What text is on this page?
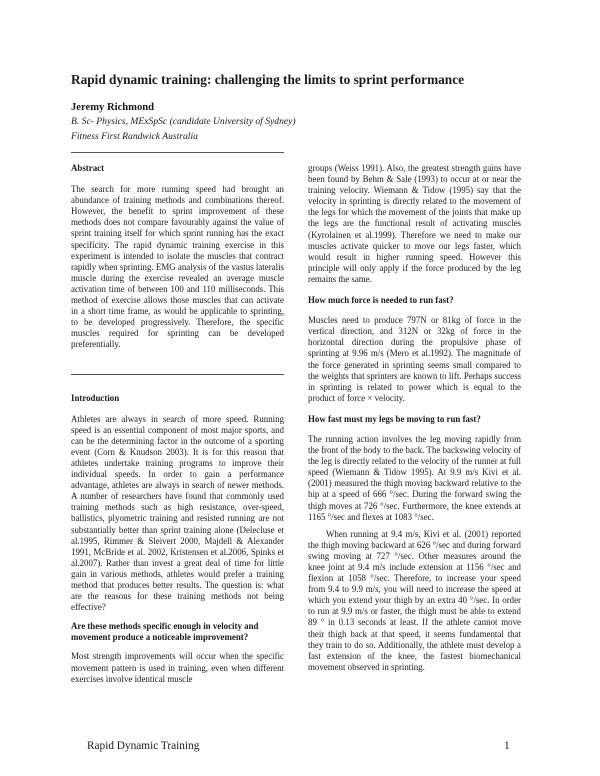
Rapid dynamic training: challenging the limits to sprint performance
Jeremy Richmond
B. Sc- Physics, MExSpSc (candidate University of Sydney)
Fitness First Randwick Australia
Abstract

The search for more running speed had brought an abundance of training methods and combinations thereof. However, the benefit to sprint improvement of these methods does not compare favourably against the value of sprint training itself for which sprint running has the exact specificity. The rapid dynamic training exercise in this experiment is intended to isolate the muscles that contract rapidly when sprinting. EMG analysis of the vastus lateralis muscle during the exercise revealed an average muscle activation time of between 100 and 110 milliseconds. This method of exercise allows those muscles that can activate in a short time frame, as would be applicable to sprinting, to be developed progressively. Therefore, the specific muscles required for sprinting can be developed preferentially.

Introduction

Athletes are always in search of more speed. Running speed is an essential component of most major sports, and can be the determining factor in the outcome of a sporting event (Corn & Knudson 2003). It is for this reason that athletes undertake training programs to improve their individual speeds. In order to gain a performance advantage, athletes are always in search of newer methods. A number of researchers have found that commonly used training methods such as high resistance, over-speed, ballistics, plyometric training and resisted running are not substantially better than sprint training alone (Delecluse et al.1995, Rimmer & Sleivert 2000, Majdell & Alexander 1991, McBride et al. 2002, Kristensen et al.2006, Spinks et al.2007). Rather than invest a great deal of time for little gain in various methods, athletes would prefer a training method that produces better results. The question is: what are the reasons for these training methods not being effective?

Are these methods specific enough in velocity and movement produce a noticeable improvement?

Most strength improvements will occur when the specific movement pattern is used in training, even when different exercises involve identical muscle

groups (Weiss 1991). Also, the greatest strength gains have been found by Behm & Sale (1993) to occur at or near the training velocity. Wiemann & Tidow (1995) say that the velocity in sprinting is directly related to the movement of the legs for which the movement of the joints that make up the legs are the functional result of activating muscles (Kyrolainen et al.1999). Therefore we need to make our muscles activate quicker to move our legs faster, which would result in higher running speed. However this principle will only apply if the force produced by the leg remains the same.

How much force is needed to run fast?

Muscles need to produce 797N or 81kg of force in the vertical direction, and 312N or 32kg of force in the horizontal direction during the propulsive phase of sprinting at 9.96 m/s (Mero et al.1992). The magnitude of the force generated in sprinting seems small compared to the weights that sprinters are known to lift. Perhaps success in sprinting is related to power which is equal to the product of force × velocity.

How fast must my legs be moving to run fast?

The running action involves the leg moving rapidly from the front of the body to the back. The backswing velocity of the leg is directly related to the velocity of the runner at full speed (Wiemann & Tidow 1995). At 9.9 m/s Kivi et al. (2001) measured the thigh moving backward relative to the hip at a speed of 666 °/sec. During the forward swing the thigh moves at 726 °/sec. Furthermore, the knee extends at 1165 °/sec and flexes at 1083 °/sec.

When running at 9.4 m/s, Kivi et al. (2001) reported the thigh moving backward at 626 °/sec and during forward swing moving at 727 °/sec. Other measures around the knee joint at 9.4 m/s include extension at 1156 °/sec and flexion at 1058 °/sec. Therefore, to increase your speed from 9.4 to 9.9 m/s, you will need to increase the speed at which you extend your thigh by an extra 40 °/sec. In order to run at 9.9 m/s or faster, the thigh must be able to extend 89 ° in 0.13 seconds at least. If the athlete cannot move their thigh back at that speed, it seems fundamental that they train to do so. Additionally, the athlete must develop a fast extension of the knee, the fastest biomechanical movement observed in sprinting.

Rapid Dynamic Training	1
